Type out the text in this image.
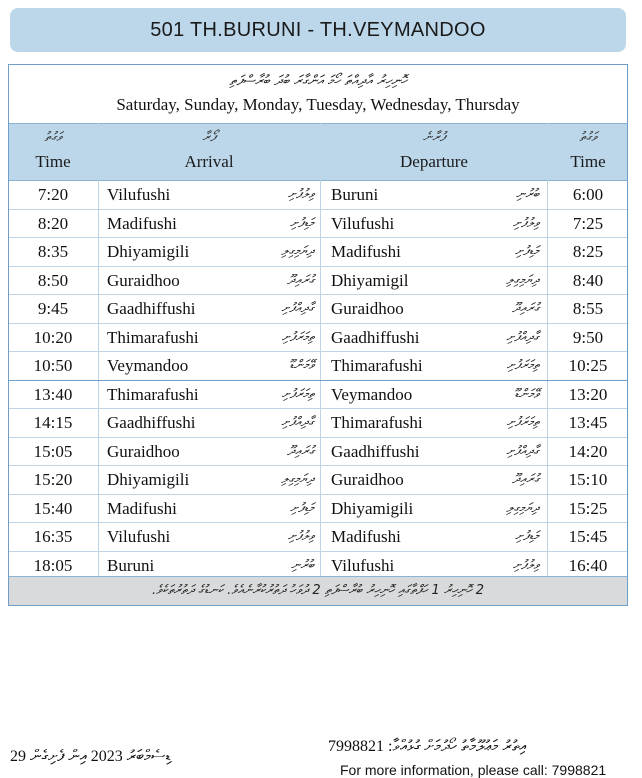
501 TH.BURUNI - TH.VEYMANDOO
ހޮނިހިރު އާދިއްތަ ހޯމަ އަންގާރަ ބުދަ ބުރާސްފަތި
Saturday, Sunday, Monday, Tuesday, Wednesday, Thursday
ވަގުތު
Time
ފޯރާ
Arrival
ފުރާނެ
Departure
ވަގުތު
Time
7:20	Vilufushi	ވިލުފުށި Buruni	ބުރުނި	6:00
8:20	Madifushi	މަޑިފުށި Vilufushi	ވިލުފުށި	7:25
8:35	Dhiyamigili	ދިޔަމިގިލި Madifushi	މަޑިފުށި	8:25
8:50	Guraidhoo	ގުރައިދޫ Dhiyamigil	ދިޔަމިގިލި	8:40
9:45	Gaadhiffushi	ގާދިއްފުށި Guraidhoo	ގުރައިދޫ	8:55
10:20	Thimarafushi	ތިމަރަފުށި Gaadhiffushi	ގާދިއްފުށި	9:50
10:50	Veymandoo	ވޭމަންޑޫ Thimarafushi	ތިމަރަފުށި	10:25
13:40	Thimarafushi	ތިމަރަފުށި Veymandoo	ވޭމަންޑޫ	13:20
14:15	Gaadhiffushi	ގާދިއްފުށި Thimarafushi	ތިމަރަފުށި	13:45
15:05	Guraidhoo	ގުރައިދޫ Gaadhiffushi	ގާދިއްފުށި	14:20
15:20	Dhiyamigili	ދިޔަމިގިލި Guraidhoo	ގުރައިދޫ	15:10
15:40	Madifushi	މަޑިފުށި Dhiyamigili	ދިޔަމިގިލި	15:25
16:35	Vilufushi	ވިލުފުށި Madifushi	މަޑިފުށި	15:45
18:05	Buruni	ބުރުނި Vilufushi	ވިލުފުށި	16:40
2 ހޮނިހިރު 1 ހަފްތާގައި ހޮނިހިރު ބުރާސްފަތި 2 ދުވަހު ދަތުރުކުރާނެއެވެ. ކަނޑުގެ ދަތުރުތަކެވެ.
29 ޑިސެމްބަރު 2023 އިން ފެށިގެން
7998821 :އިތުރު މަޢުލޫމާތު ހޯދުމަށް ގުޅުއްވާ
For more information, please call: 7998821
